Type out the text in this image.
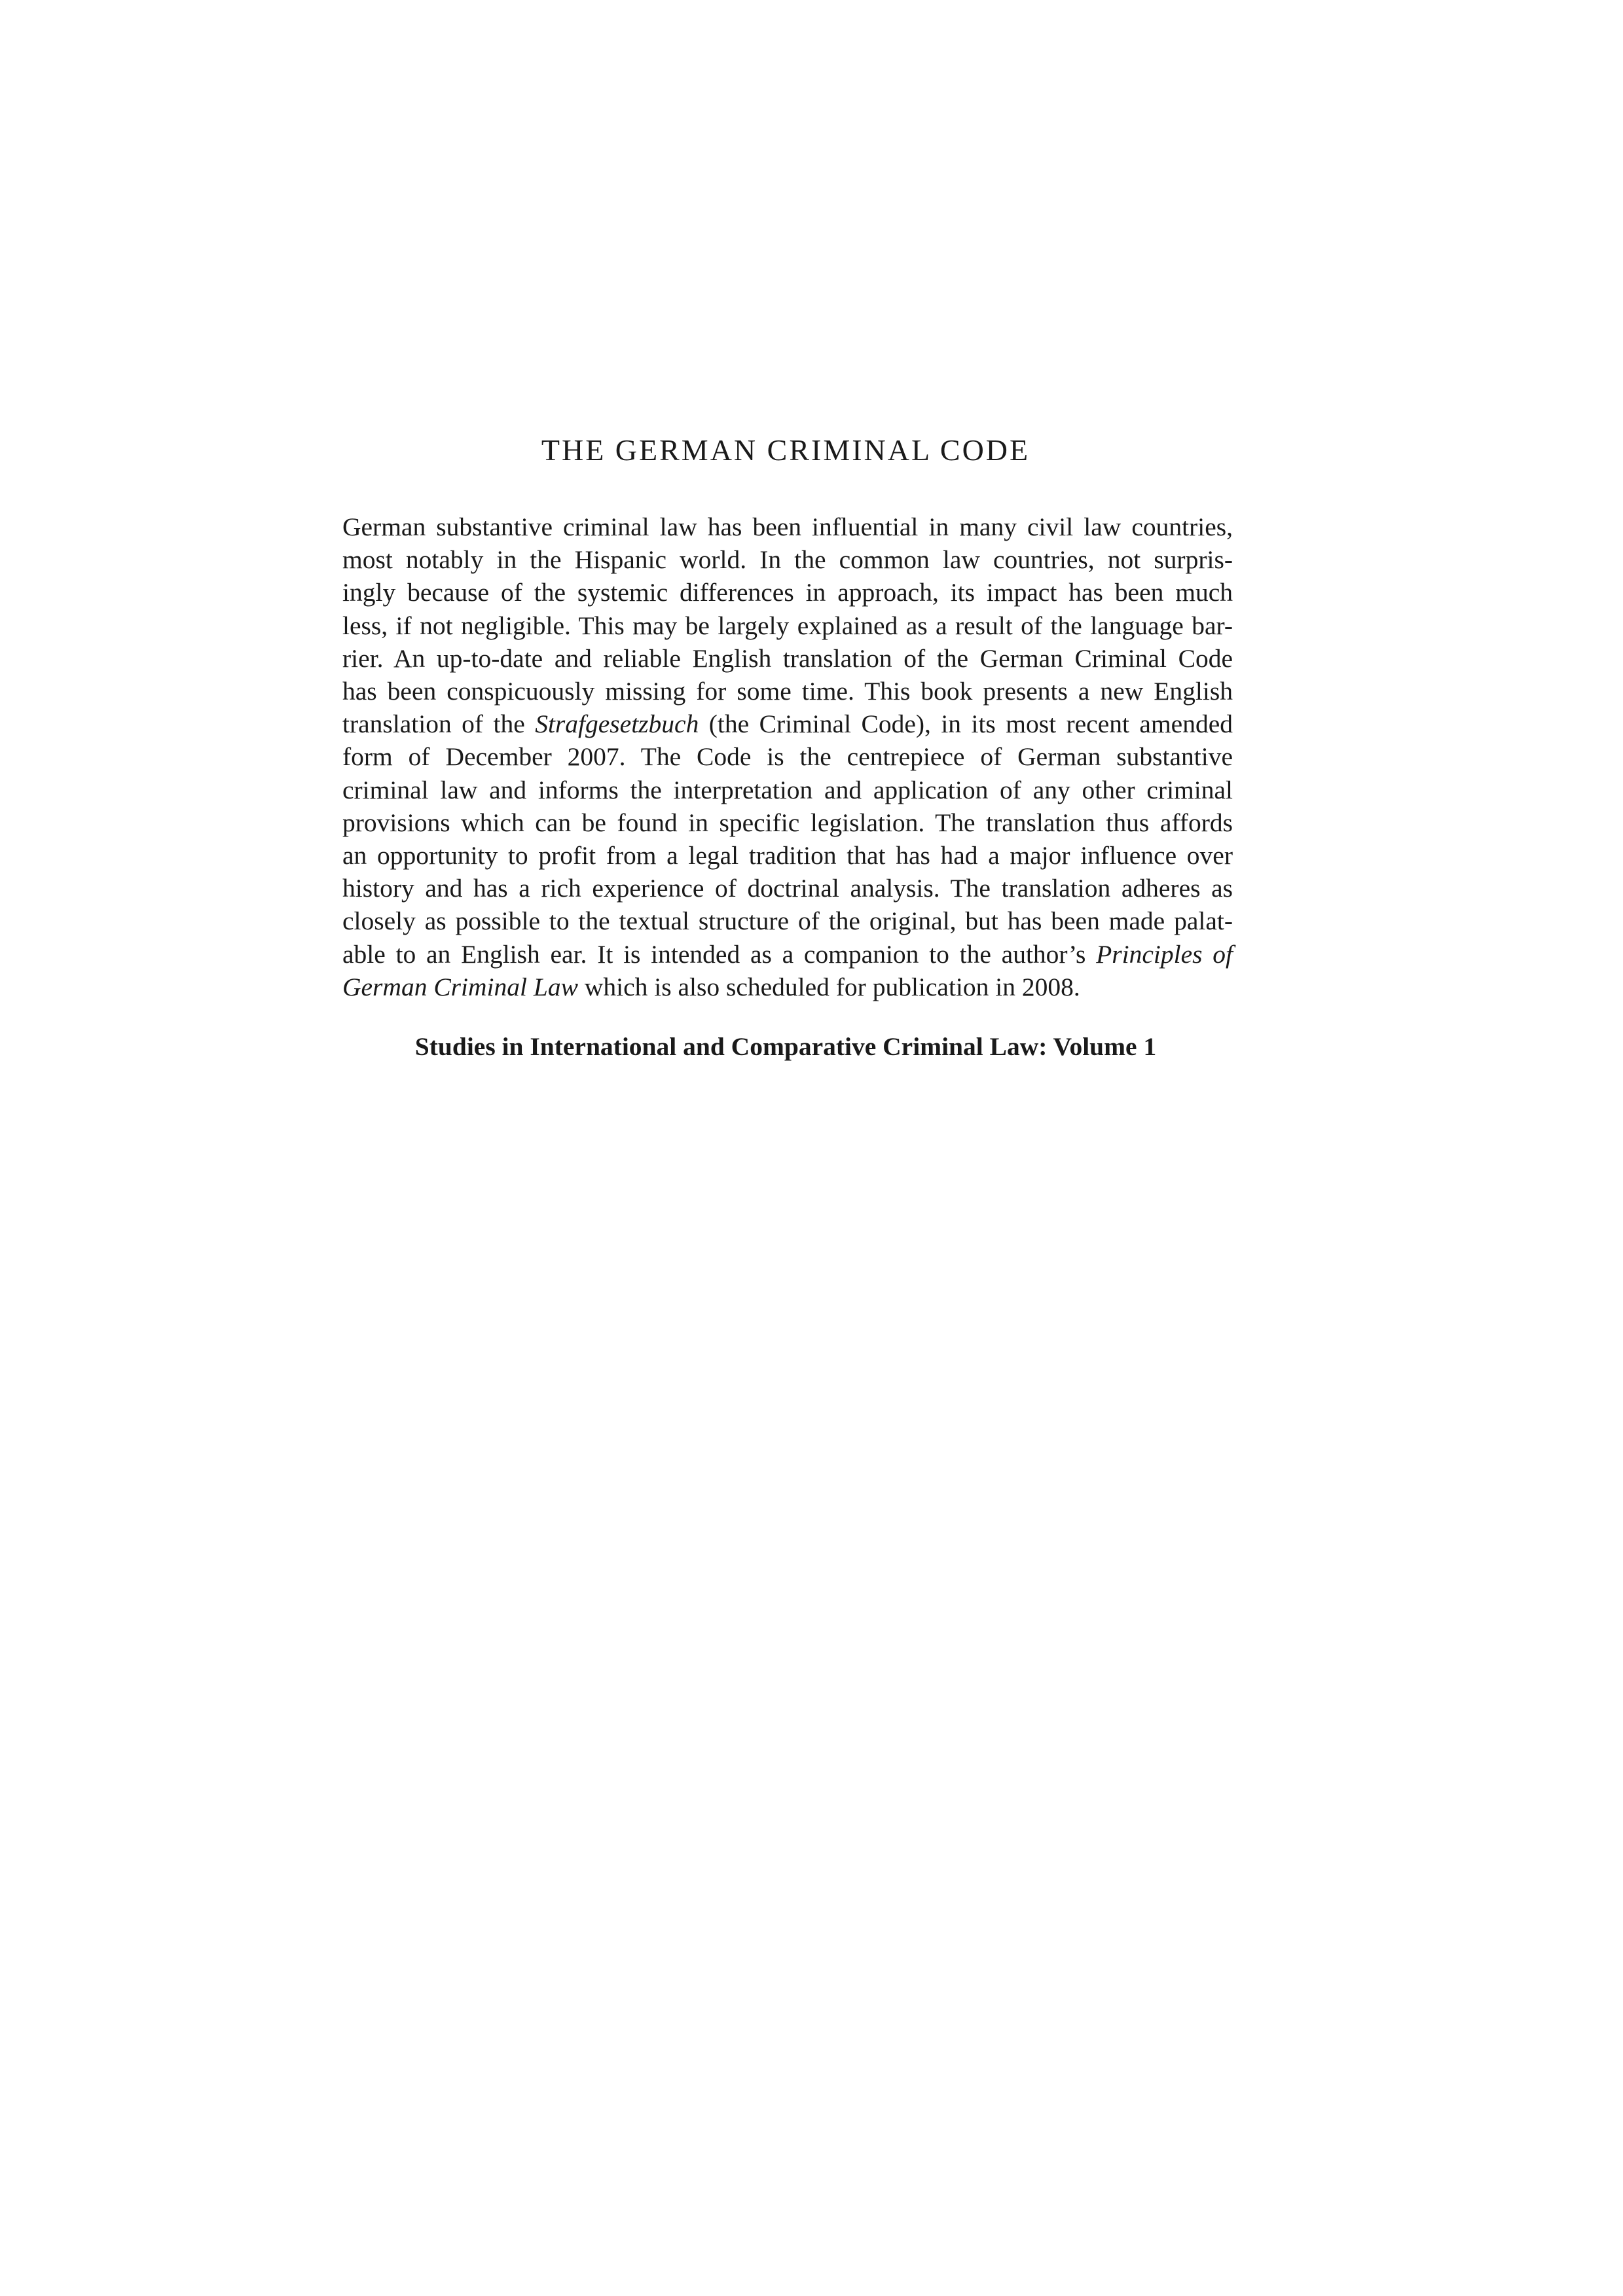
THE GERMAN CRIMINAL CODE

German substantive criminal law has been influential in many civil law countries,
most notably in the Hispanic world. In the common law countries, not surpris-
ingly because of the systemic differences in approach, its impact has been much
less, if not negligible. This may be largely explained as a result of the language bar-
rier. An up-to-date and reliable English translation of the German Criminal Code
has been conspicuously missing for some time. This book presents a new English
translation of the Strafgesetzbuch (the Criminal Code), in its most recent amended
form of December 2007. The Code is the centrepiece of German substantive
criminal law and informs the interpretation and application of any other criminal
provisions which can be found in specific legislation. The translation thus affords
an opportunity to profit from a legal tradition that has had a major influence over
history and has a rich experience of doctrinal analysis. The translation adheres as
closely as possible to the textual structure of the original, but has been made palat-
able to an English ear. It is intended as a companion to the author’s Principles of
German Criminal Law which is also scheduled for publication in 2008.

Studies in International and Comparative Criminal Law: Volume 1
